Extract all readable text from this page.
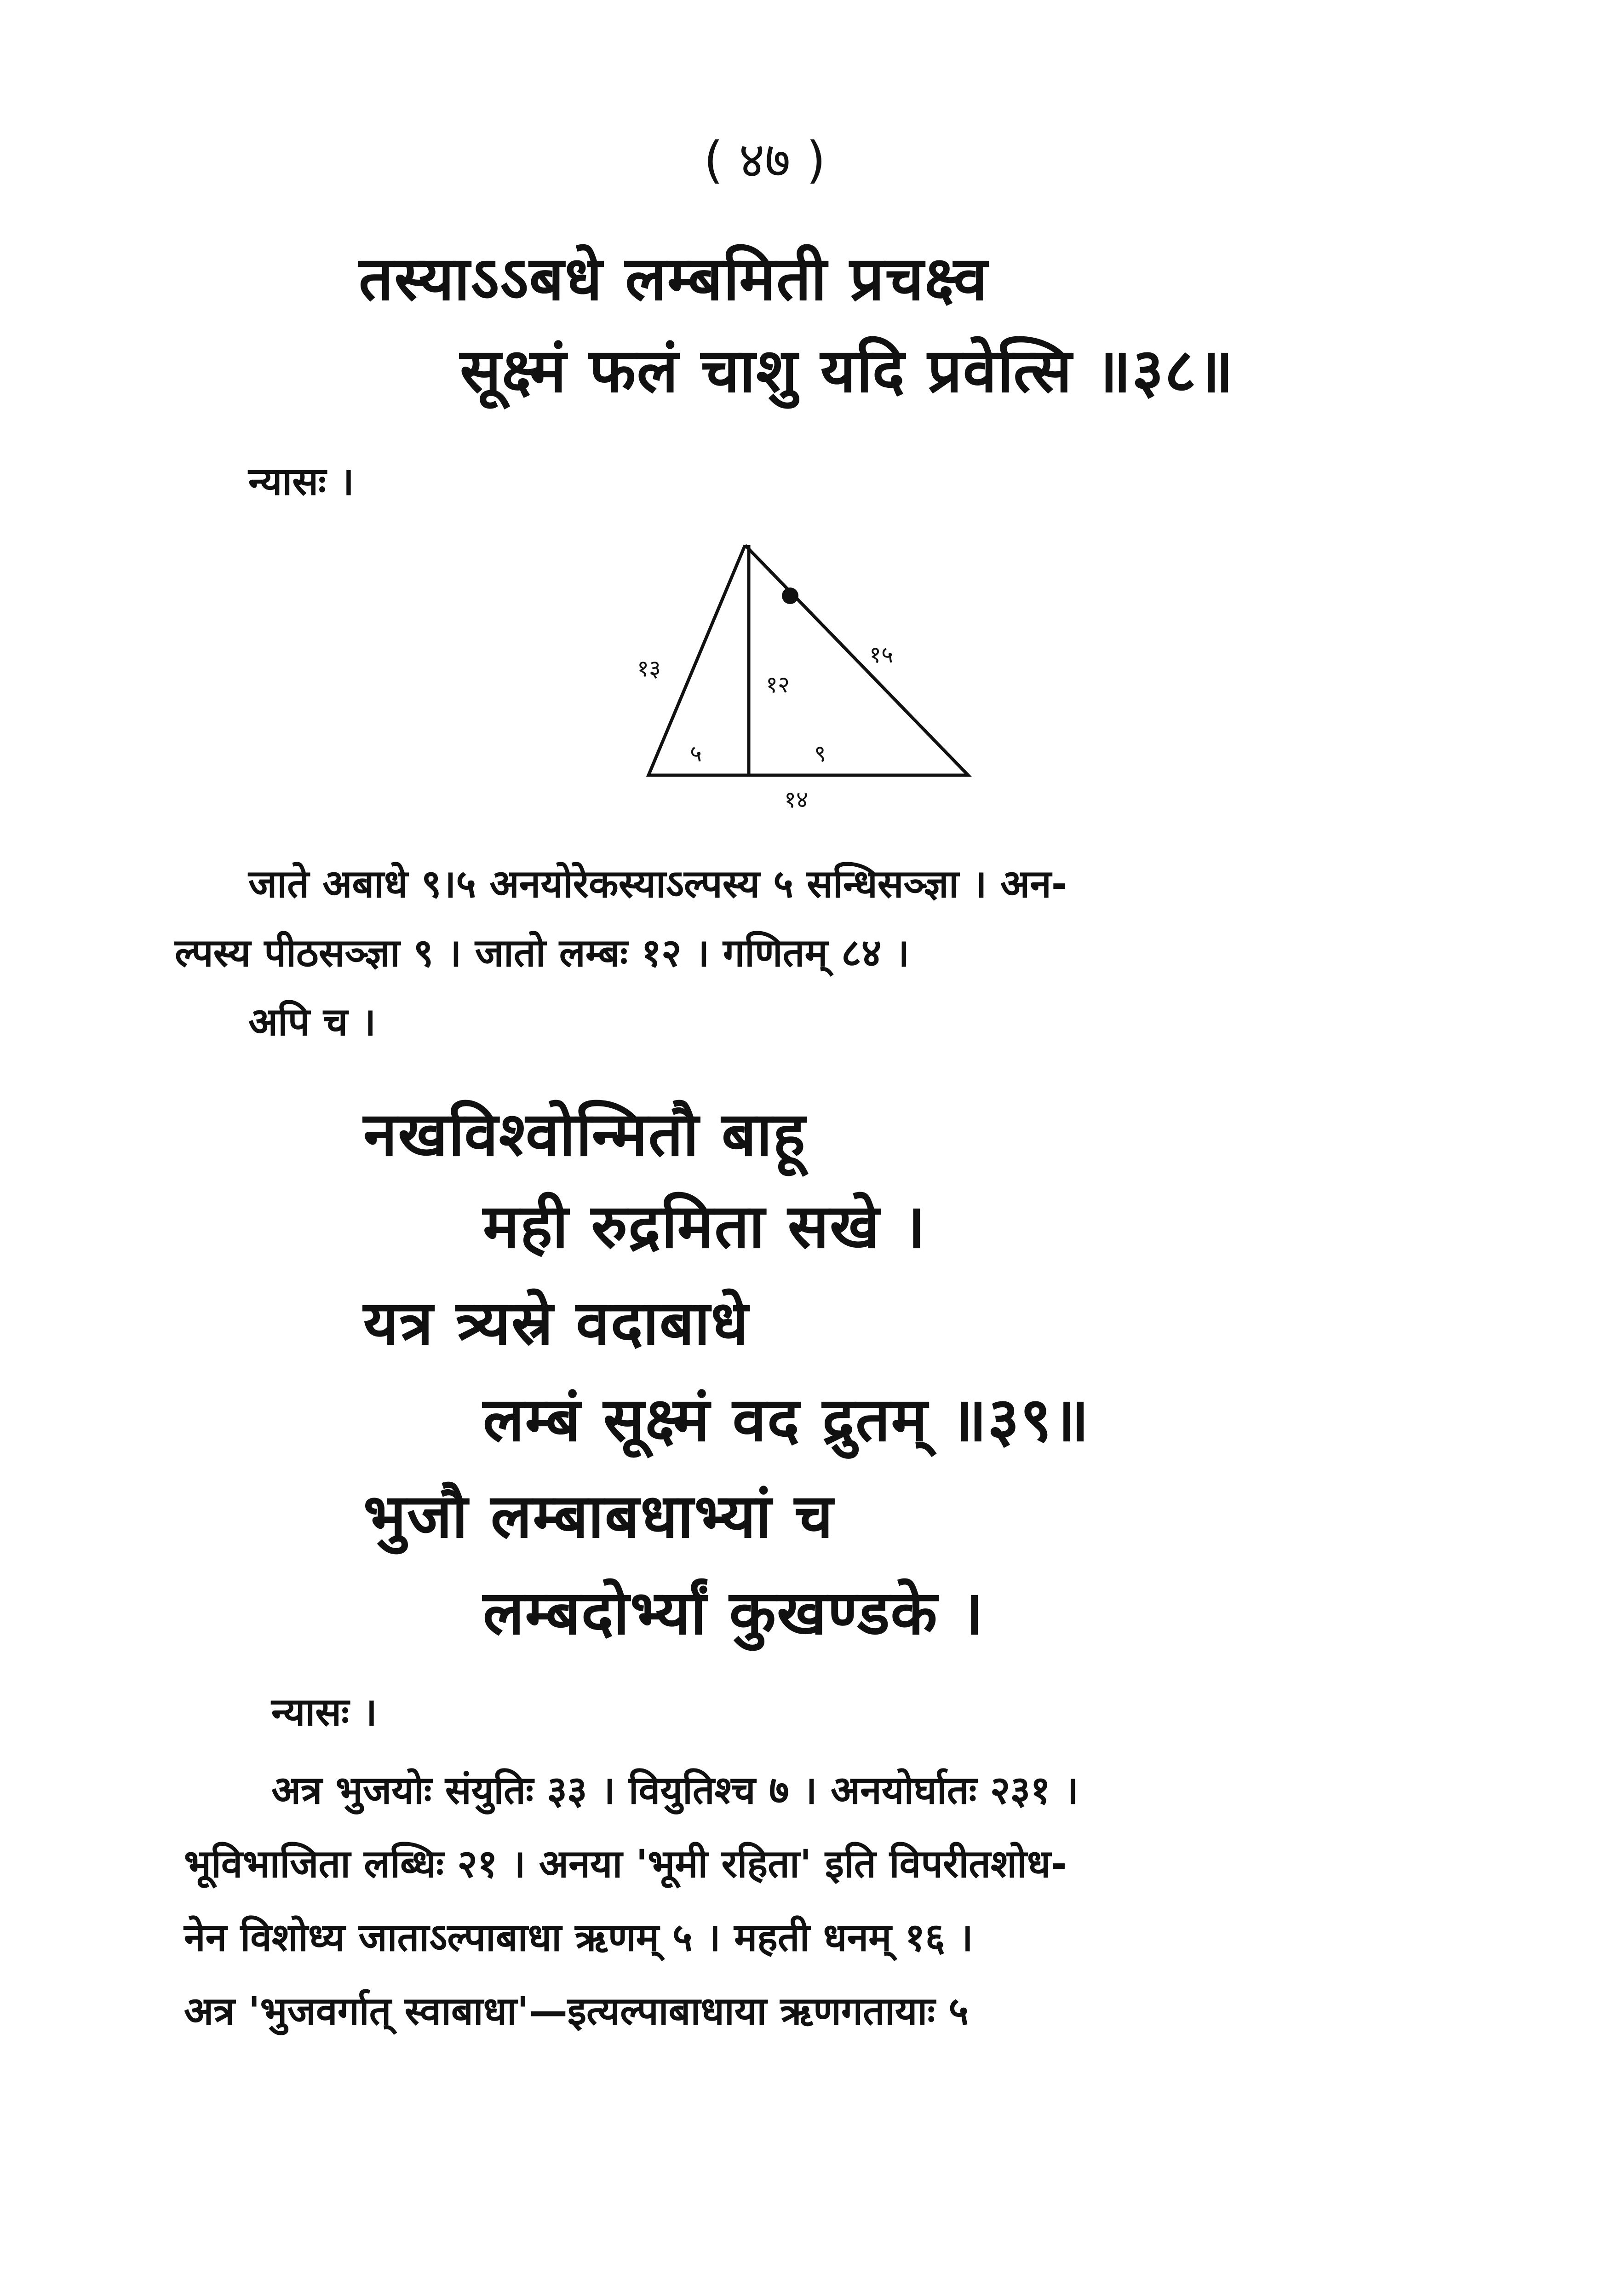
( ४७ )
तस्याऽऽबधे लम्बमिती प्रचक्ष्व
सूक्ष्मं फलं चाशु यदि प्रवेत्सि ॥३८॥
न्यासः ।
१३
१२
१५
५	९
१४
जाते अबाधे ९।५ अनयोरेकस्याऽल्पस्य ५ सन्धिसञ्ज्ञा । अन-
ल्पस्य पीठसञ्ज्ञा ९ । जातो लम्बः १२ । गणितम् ८४ ।
अपि च ।
नखविश्वोन्मितौ बाहू
मही रुद्रमिता सखे ।
यत्र त्र्यस्रे वदाबाधे
लम्बं सूक्ष्मं वद द्रुतम् ॥३९॥
भुजौ लम्बाबधाभ्यां च
लम्बदोर्भ्यां कुखण्डके ।
न्यासः ।
अत्र भुजयोः संयुतिः ३३ । वियुतिश्च ७ । अनयोर्घातः २३१ ।
भूविभाजिता लब्धिः २१ । अनया 'भूमी रहिता' इति विपरीतशोध-
नेन विशोध्य जाताऽल्पाबाधा ऋणम् ५ । महती धनम् १६ ।
अत्र 'भुजवर्गात् स्वाबाधा'—इत्यल्पाबाधाया ऋणगतायाः ५
